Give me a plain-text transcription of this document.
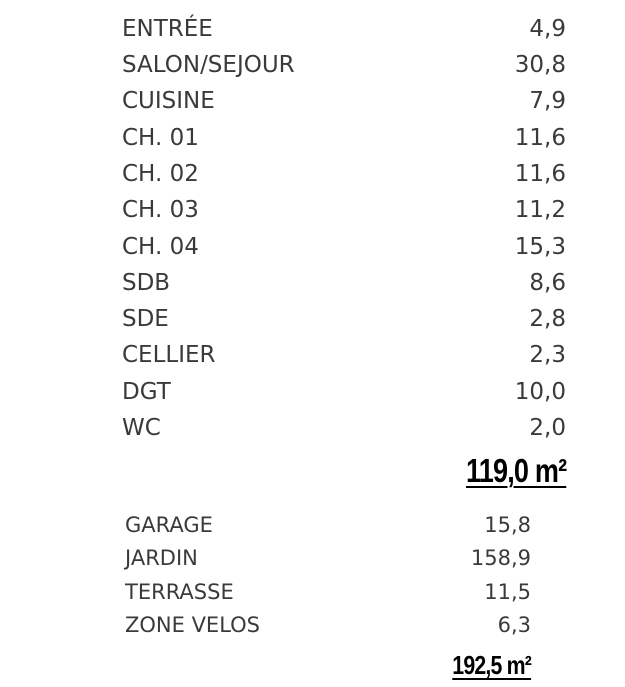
ENTRÉE	4,9
SALON/SEJOUR	30,8
CUISINE	7,9
CH. 01	11,6
CH. 02	11,6
CH. 03	11,2
CH. 04	15,3
SDB	8,6
SDE	2,8
CELLIER	2,3
DGT	10,0
WC	2,0
119,0 m²
GARAGE	15,8
JARDIN	158,9
TERRASSE	11,5
ZONE VELOS	6,3
192,5 m²
